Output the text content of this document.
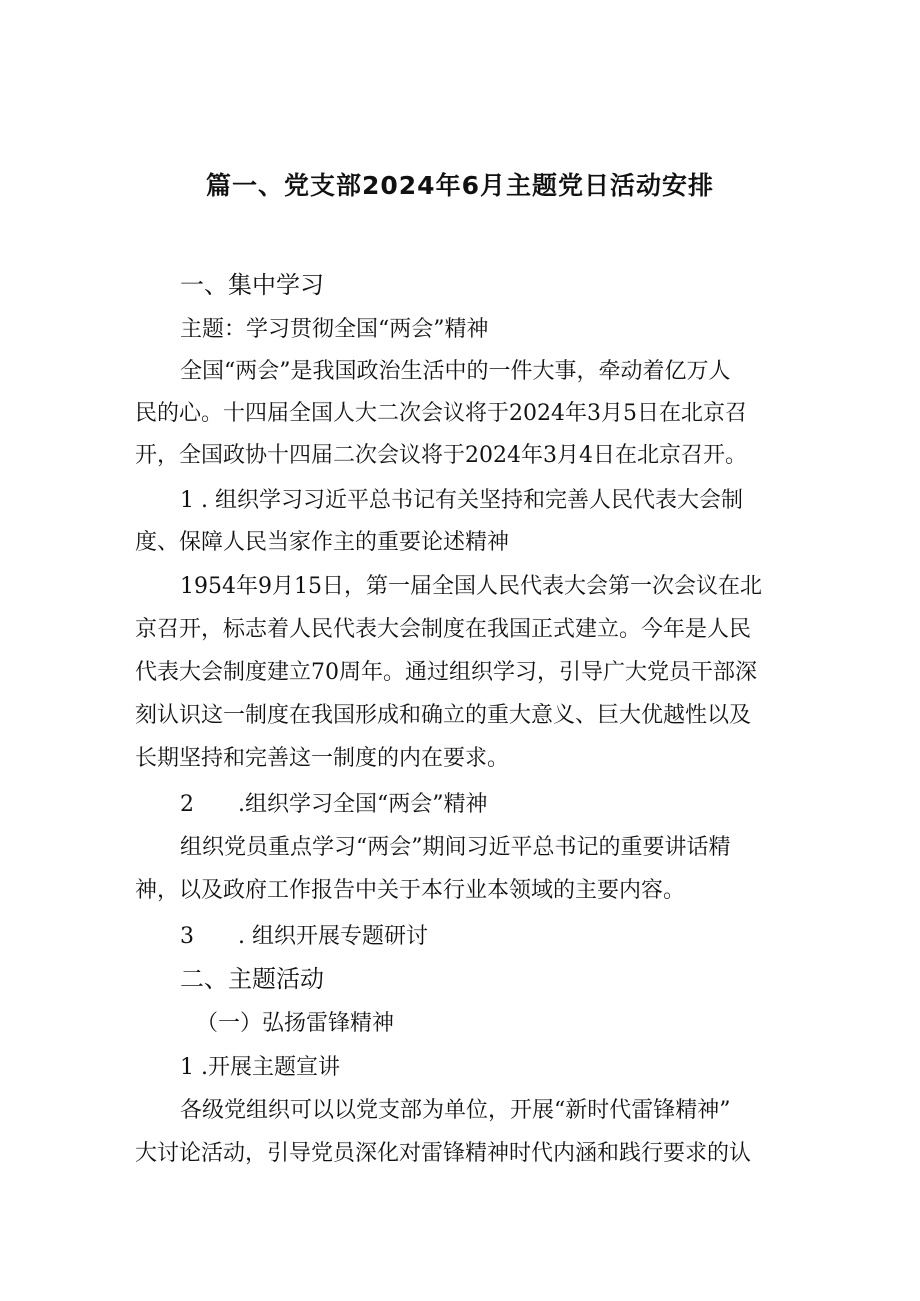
篇一、党支部2024年6月主题党日活动安排
一、集中学习
主题：学习贯彻全国“两会”精神
全国“两会”是我国政治生活中的一件大事，牵动着亿万人
民的心。十四届全国人大二次会议将于2024年3月5日在北京召
开，全国政协十四届二次会议将于2024年3月4日在北京召开。
1 . 组织学习习近平总书记有关坚持和完善人民代表大会制
度、保障人民当家作主的重要论述精神
1954年9月15日，第一届全国人民代表大会第一次会议在北
京召开，标志着人民代表大会制度在我国正式建立。今年是人民
代表大会制度建立70周年。通过组织学习，引导广大党员干部深
刻认识这一制度在我国形成和确立的重大意义、巨大优越性以及
长期坚持和完善这一制度的内在要求。
2　　.组织学习全国“两会”精神
组织党员重点学习“两会”期间习近平总书记的重要讲话精
神，以及政府工作报告中关于本行业本领域的主要内容。
3　　. 组织开展专题研讨
二、主题活动
（一）弘扬雷锋精神
1 .开展主题宣讲
各级党组织可以以党支部为单位，开展“新时代雷锋精神”
大讨论活动，引导党员深化对雷锋精神时代内涵和践行要求的认
